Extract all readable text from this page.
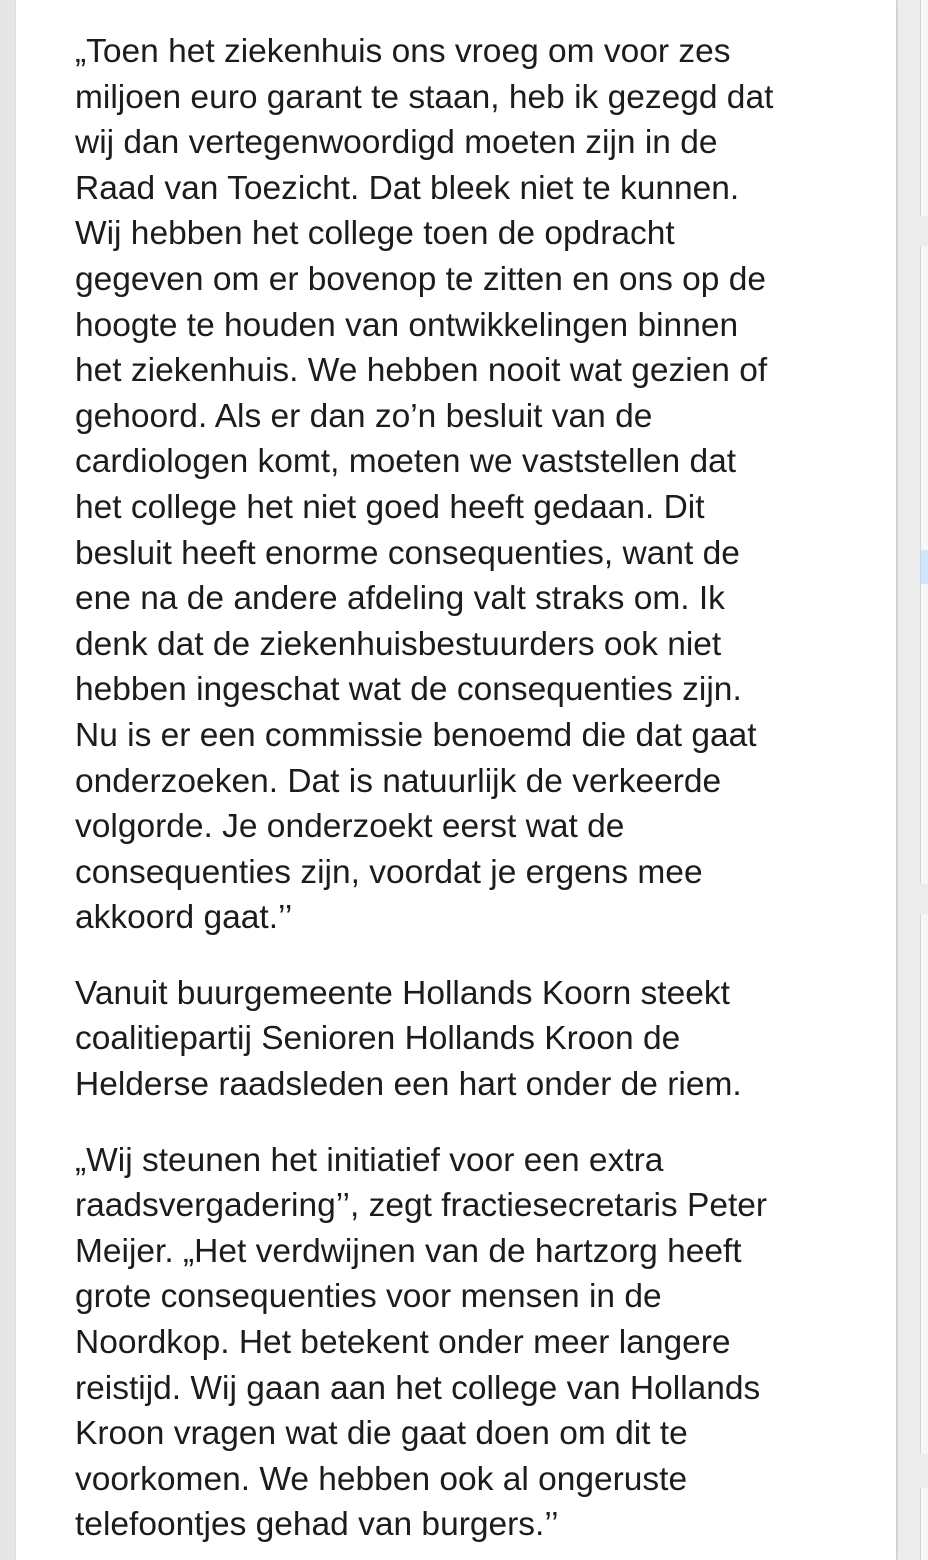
„Toen het ziekenhuis ons vroeg om voor zes
miljoen euro garant te staan, heb ik gezegd dat
wij dan vertegenwoordigd moeten zijn in de
Raad van Toezicht. Dat bleek niet te kunnen.
Wij hebben het college toen de opdracht
gegeven om er bovenop te zitten en ons op de
hoogte te houden van ontwikkelingen binnen
het ziekenhuis. We hebben nooit wat gezien of
gehoord. Als er dan zo’n besluit van de
cardiologen komt, moeten we vaststellen dat
het college het niet goed heeft gedaan. Dit
besluit heeft enorme consequenties, want de
ene na de andere afdeling valt straks om. Ik
denk dat de ziekenhuisbestuurders ook niet
hebben ingeschat wat de consequenties zijn.
Nu is er een commissie benoemd die dat gaat
onderzoeken. Dat is natuurlijk de verkeerde
volgorde. Je onderzoekt eerst wat de
consequenties zijn, voordat je ergens mee
akkoord gaat.’’

Vanuit buurgemeente Hollands Koorn steekt
coalitiepartij Senioren Hollands Kroon de
Helderse raadsleden een hart onder de riem.

„Wij steunen het initiatief voor een extra
raadsvergadering’’, zegt fractiesecretaris Peter
Meijer. „Het verdwijnen van de hartzorg heeft
grote consequenties voor mensen in de
Noordkop. Het betekent onder meer langere
reistijd. Wij gaan aan het college van Hollands
Kroon vragen wat die gaat doen om dit te
voorkomen. We hebben ook al ongeruste
telefoontjes gehad van burgers.’’
